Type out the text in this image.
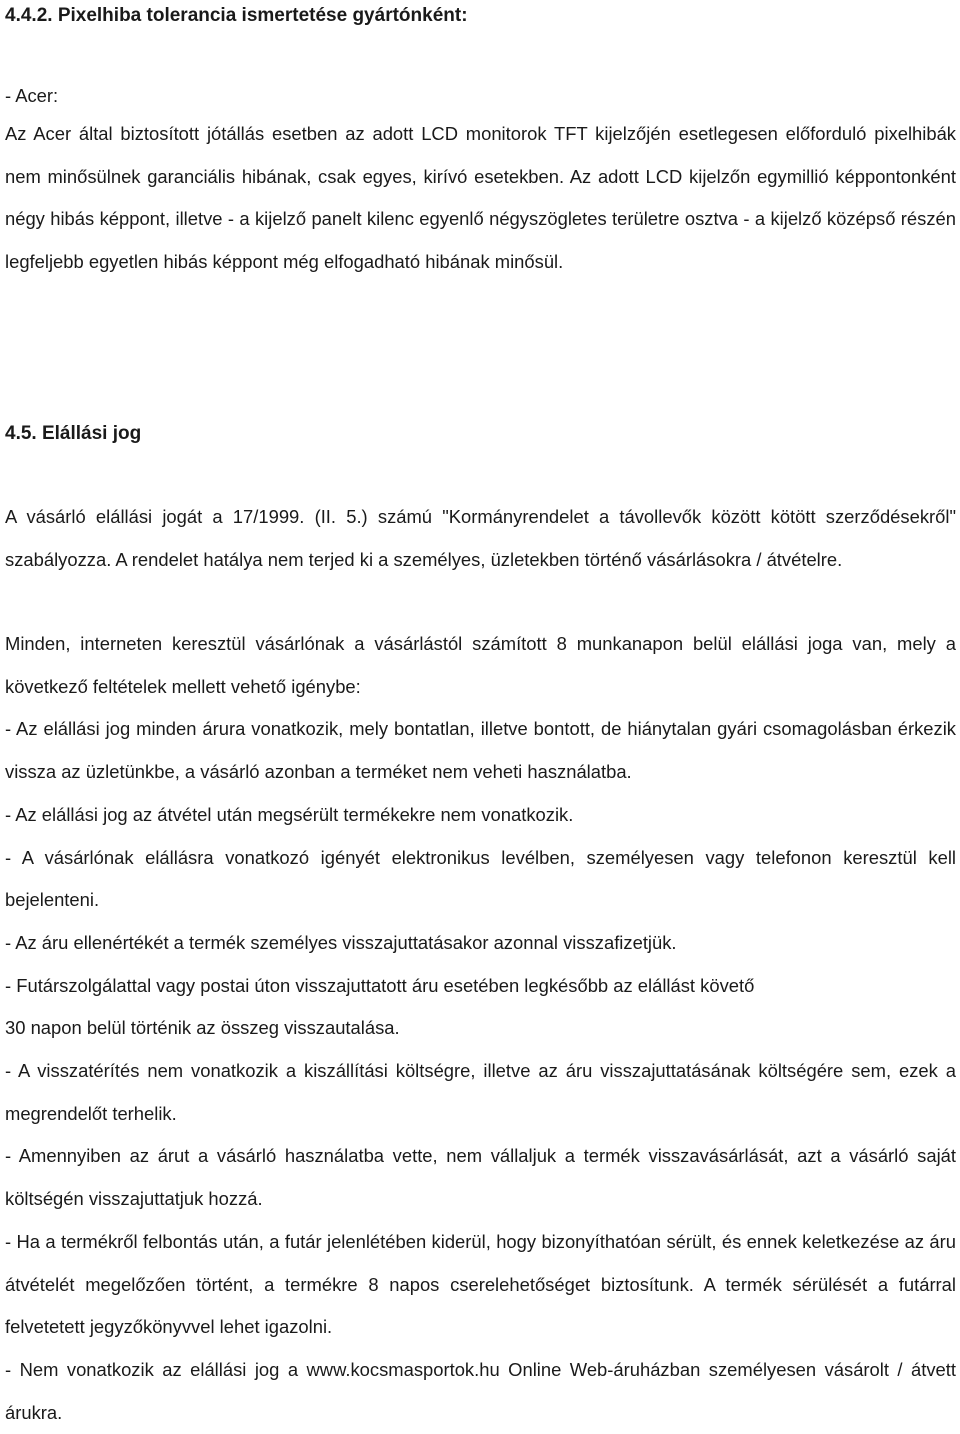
4.4.2. Pixelhiba tolerancia ismertetése gyártónként:

- Acer:

Az Acer által biztosított jótállás esetben az adott LCD monitorok TFT kijelzőjén esetlegesen előforduló pixelhibák nem minősülnek garanciális hibának, csak egyes, kirívó esetekben. Az adott LCD kijelzőn egymillió képpontonként négy hibás képpont, illetve - a kijelző panelt kilenc egyenlő négyszögletes területre osztva - a kijelző középső részén legfeljebb egyetlen hibás képpont még elfogadható hibának minősül.

4.5. Elállási jog

A vásárló elállási jogát a 17/1999. (II. 5.) számú "Kormányrendelet a távollevők között kötött szerződésekről" szabályozza. A rendelet hatálya nem terjed ki a személyes, üzletekben történő vásárlásokra / átvételre.

Minden, interneten keresztül vásárlónak a vásárlástól számított 8 munkanapon belül elállási joga van, mely a következő feltételek mellett vehető igénybe:

- Az elállási jog minden árura vonatkozik, mely bontatlan, illetve bontott, de hiánytalan gyári csomagolásban érkezik vissza az üzletünkbe, a vásárló azonban a terméket nem veheti használatba.

- Az elállási jog az átvétel után megsérült termékekre nem vonatkozik.

- A vásárlónak elállásra vonatkozó igényét elektronikus levélben, személyesen vagy telefonon keresztül kell bejelenteni.

- Az áru ellenértékét a termék személyes visszajuttatásakor azonnal visszafizetjük.

- Futárszolgálattal vagy postai úton visszajuttatott áru esetében legkésőbb az elállást követő

30 napon belül történik az összeg visszautalása.

- A visszatérítés nem vonatkozik a kiszállítási költségre, illetve az áru visszajuttatásának költségére sem, ezek a megrendelőt terhelik.

- Amennyiben az árut a vásárló használatba vette, nem vállaljuk a termék visszavásárlását, azt a vásárló saját költségén visszajuttatjuk hozzá.

- Ha a termékről felbontás után, a futár jelenlétében kiderül, hogy bizonyíthatóan sérült, és ennek keletkezése az áru átvételét megelőzően történt, a termékre 8 napos cserelehetőséget biztosítunk. A termék sérülését a futárral felvetetett jegyzőkönyvvel lehet igazolni.

- Nem vonatkozik az elállási jog a www.kocsmasportok.hu Online Web-áruházban személyesen vásárolt / átvett árukra.
